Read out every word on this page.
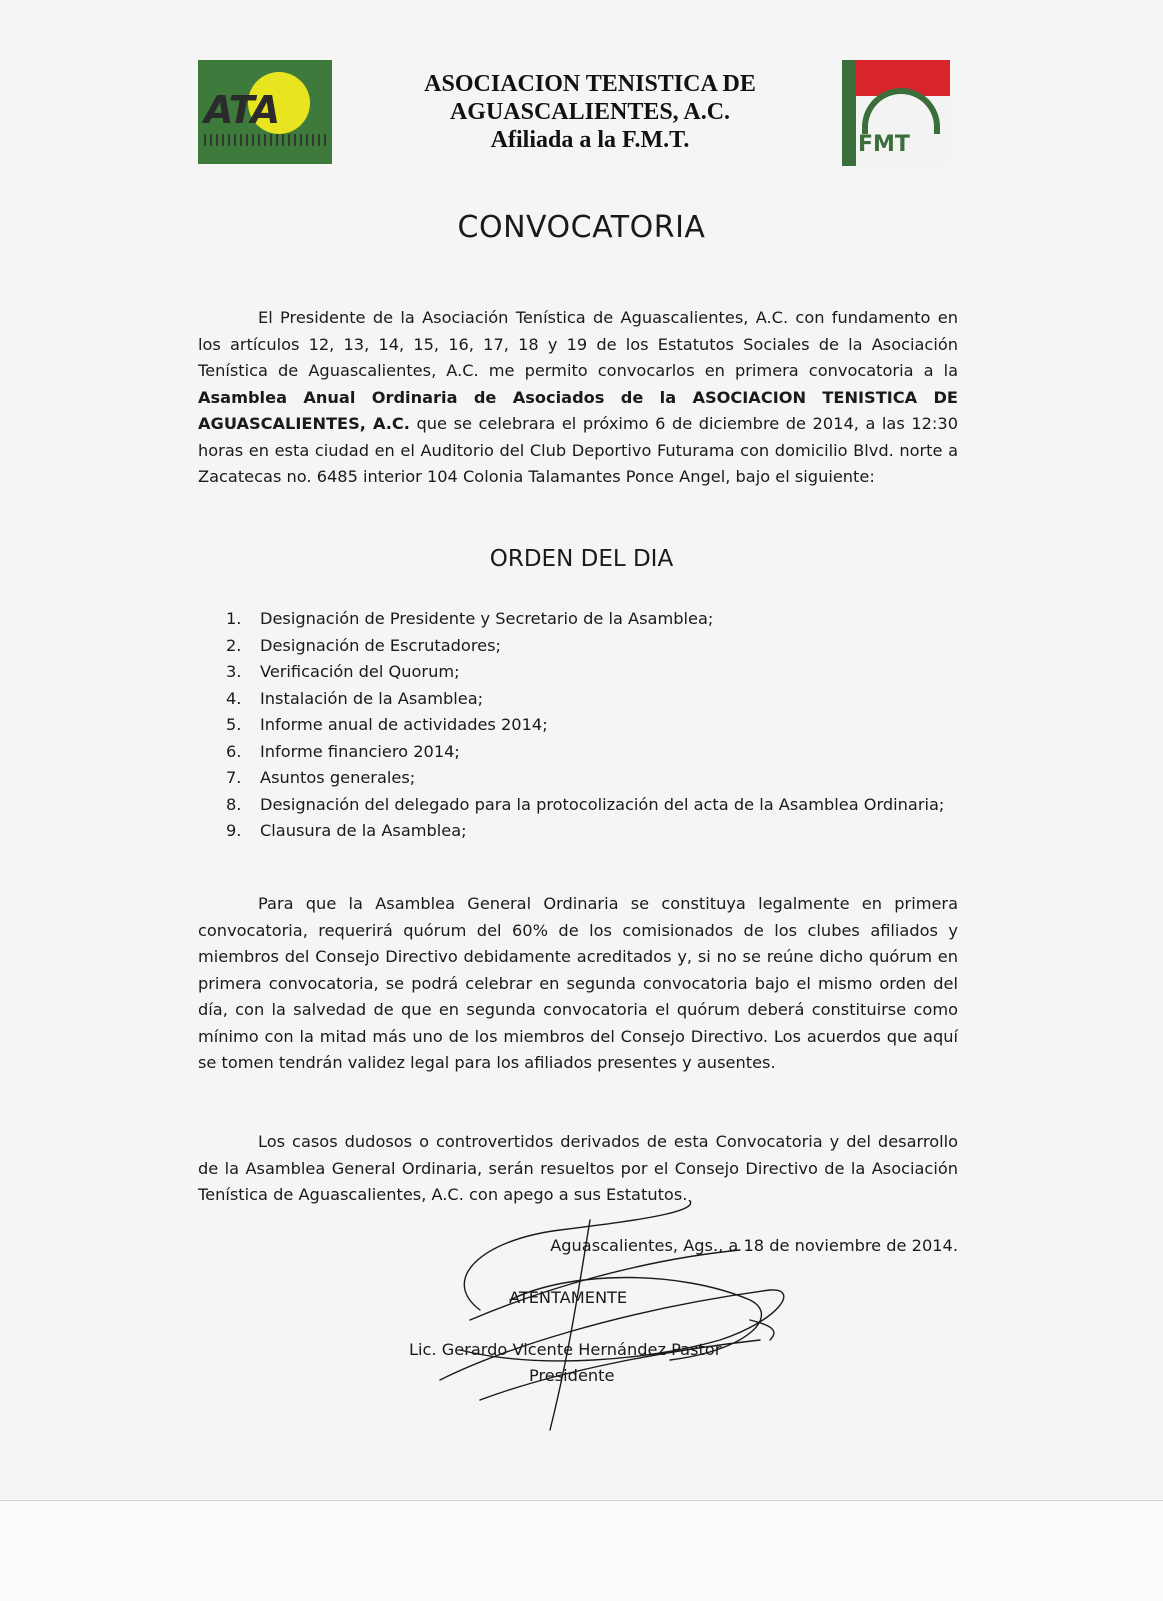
ATA
ASOCIACION TENISTICA DE
AGUASCALIENTES, A.C.
Afiliada a la F.M.T.	FMT
CONVOCATORIA

El Presidente de la Asociación Tenística de Aguascalientes, A.C. con fundamento en los artículos 12, 13, 14, 15, 16, 17, 18 y 19 de los Estatutos Sociales de la Asociación Tenística de Aguascalientes, A.C. me permito convocarlos en primera convocatoria a la Asamblea Anual Ordinaria de Asociados de la ASOCIACION TENISTICA DE AGUASCALIENTES, A.C. que se celebrara el próximo 6 de diciembre de 2014, a las 12:30 horas en esta ciudad en el Auditorio del Club Deportivo Futurama con domicilio Blvd. norte a Zacatecas no. 6485 interior 104 Colonia Talamantes Ponce Angel, bajo el siguiente:

ORDEN DEL DIA
1. Designación de Presidente y Secretario de la Asamblea;
2. Designación de Escrutadores;
3. Verificación del Quorum;
4. Instalación de la Asamblea;
5. Informe anual de actividades 2014;
6. Informe financiero 2014;
7. Asuntos generales;
8. Designación del delegado para la protocolización del acta de la Asamblea Ordinaria;
9. Clausura de la Asamblea;

Para que la Asamblea General Ordinaria se constituya legalmente en primera convocatoria, requerirá quórum del 60% de los comisionados de los clubes afiliados y miembros del Consejo Directivo debidamente acreditados y, si no se reúne dicho quórum en primera convocatoria, se podrá celebrar en segunda convocatoria bajo el mismo orden del día, con la salvedad de que en segunda convocatoria el quórum deberá constituirse como mínimo con la mitad más uno de los miembros del Consejo Directivo. Los acuerdos que aquí se tomen tendrán validez legal para los afiliados presentes y ausentes.

Los casos dudosos o controvertidos derivados de esta Convocatoria y del desarrollo de la Asamblea General Ordinaria, serán resueltos por el Consejo Directivo de la Asociación Tenística de Aguascalientes, A.C. con apego a sus Estatutos.

Aguascalientes, Ags., a 18 de noviembre de 2014.
ATENTAMENTE
Lic. Gerardo Vicente Hernández Pastor
Presidente
